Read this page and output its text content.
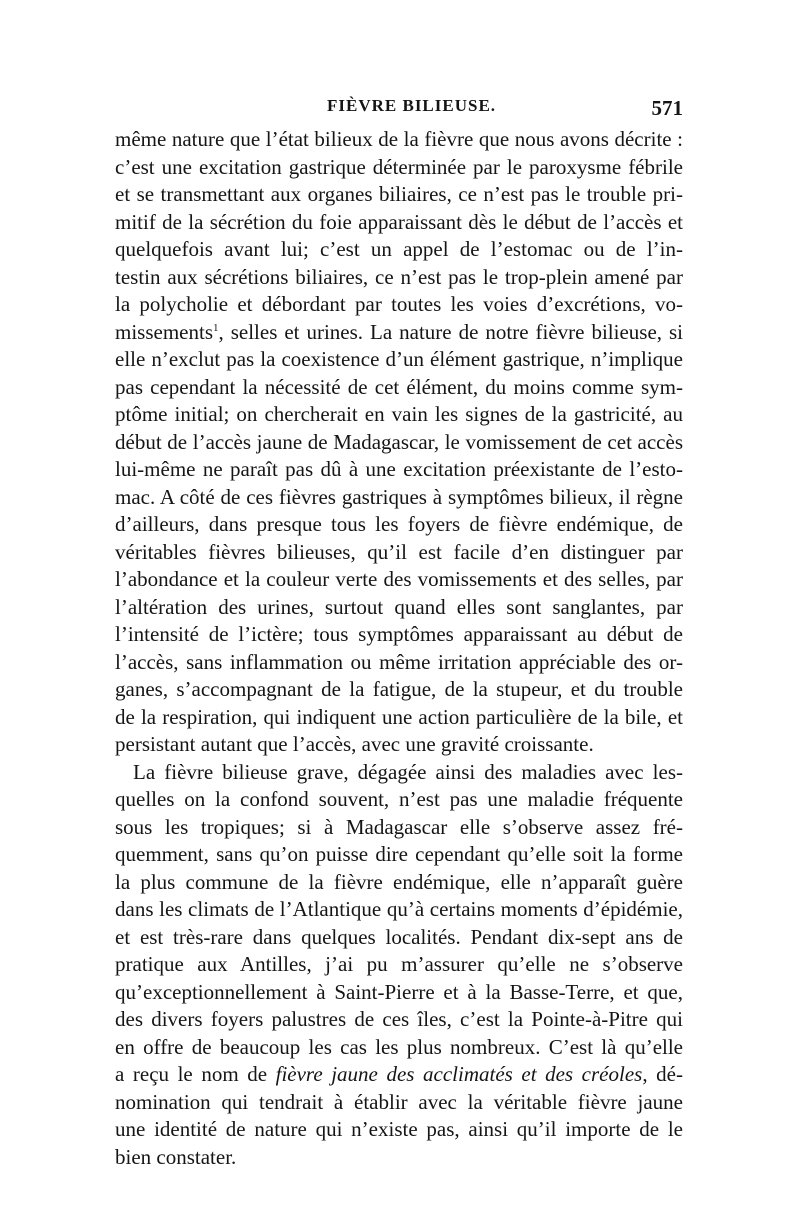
FIÈVRE BILIEUSE.	571
même nature que l’état bilieux de la fièvre que nous avons décrite :
c’est une excitation gastrique déterminée par le paroxysme fébrile
et se transmettant aux organes biliaires, ce n’est pas le trouble pri-
mitif de la sécrétion du foie apparaissant dès le début de l’accès et
quelquefois avant lui; c’est un appel de l’estomac ou de l’in-
testin aux sécrétions biliaires, ce n’est pas le trop-plein amené par
la polycholie et débordant par toutes les voies d’excrétions, vo-
missements$^1$, selles et urines. La nature de notre fièvre bilieuse, si
elle n’exclut pas la coexistence d’un élément gastrique, n’implique
pas cependant la nécessité de cet élément, du moins comme sym-
ptôme initial; on chercherait en vain les signes de la gastricité, au
début de l’accès jaune de Madagascar, le vomissement de cet accès
lui-même ne paraît pas dû à une excitation préexistante de l’esto-
mac. A côté de ces fièvres gastriques à symptômes bilieux, il règne
d’ailleurs, dans presque tous les foyers de fièvre endémique, de
véritables fièvres bilieuses, qu’il est facile d’en distinguer par
l’abondance et la couleur verte des vomissements et des selles, par
l’altération des urines, surtout quand elles sont sanglantes, par
l’intensité de l’ictère; tous symptômes apparaissant au début de
l’accès, sans inflammation ou même irritation appréciable des or-
ganes, s’accompagnant de la fatigue, de la stupeur, et du trouble
de la respiration, qui indiquent une action particulière de la bile, et
persistant autant que l’accès, avec une gravité croissante.
La fièvre bilieuse grave, dégagée ainsi des maladies avec les-
quelles on la confond souvent, n’est pas une maladie fréquente
sous les tropiques; si à Madagascar elle s’observe assez fré-
quemment, sans qu’on puisse dire cependant qu’elle soit la forme
la plus commune de la fièvre endémique, elle n’apparaît guère
dans les climats de l’Atlantique qu’à certains moments d’épidémie,
et est très-rare dans quelques localités. Pendant dix-sept ans de
pratique aux Antilles, j’ai pu m’assurer qu’elle ne s’observe
qu’exceptionnellement à Saint-Pierre et à la Basse-Terre, et que,
des divers foyers palustres de ces îles, c’est la Pointe-à-Pitre qui
en offre de beaucoup les cas les plus nombreux. C’est là qu’elle
a reçu le nom de fièvre jaune des acclimatés et des créoles, dé-
nomination qui tendrait à établir avec la véritable fièvre jaune
une identité de nature qui n’existe pas, ainsi qu’il importe de le
bien constater.
